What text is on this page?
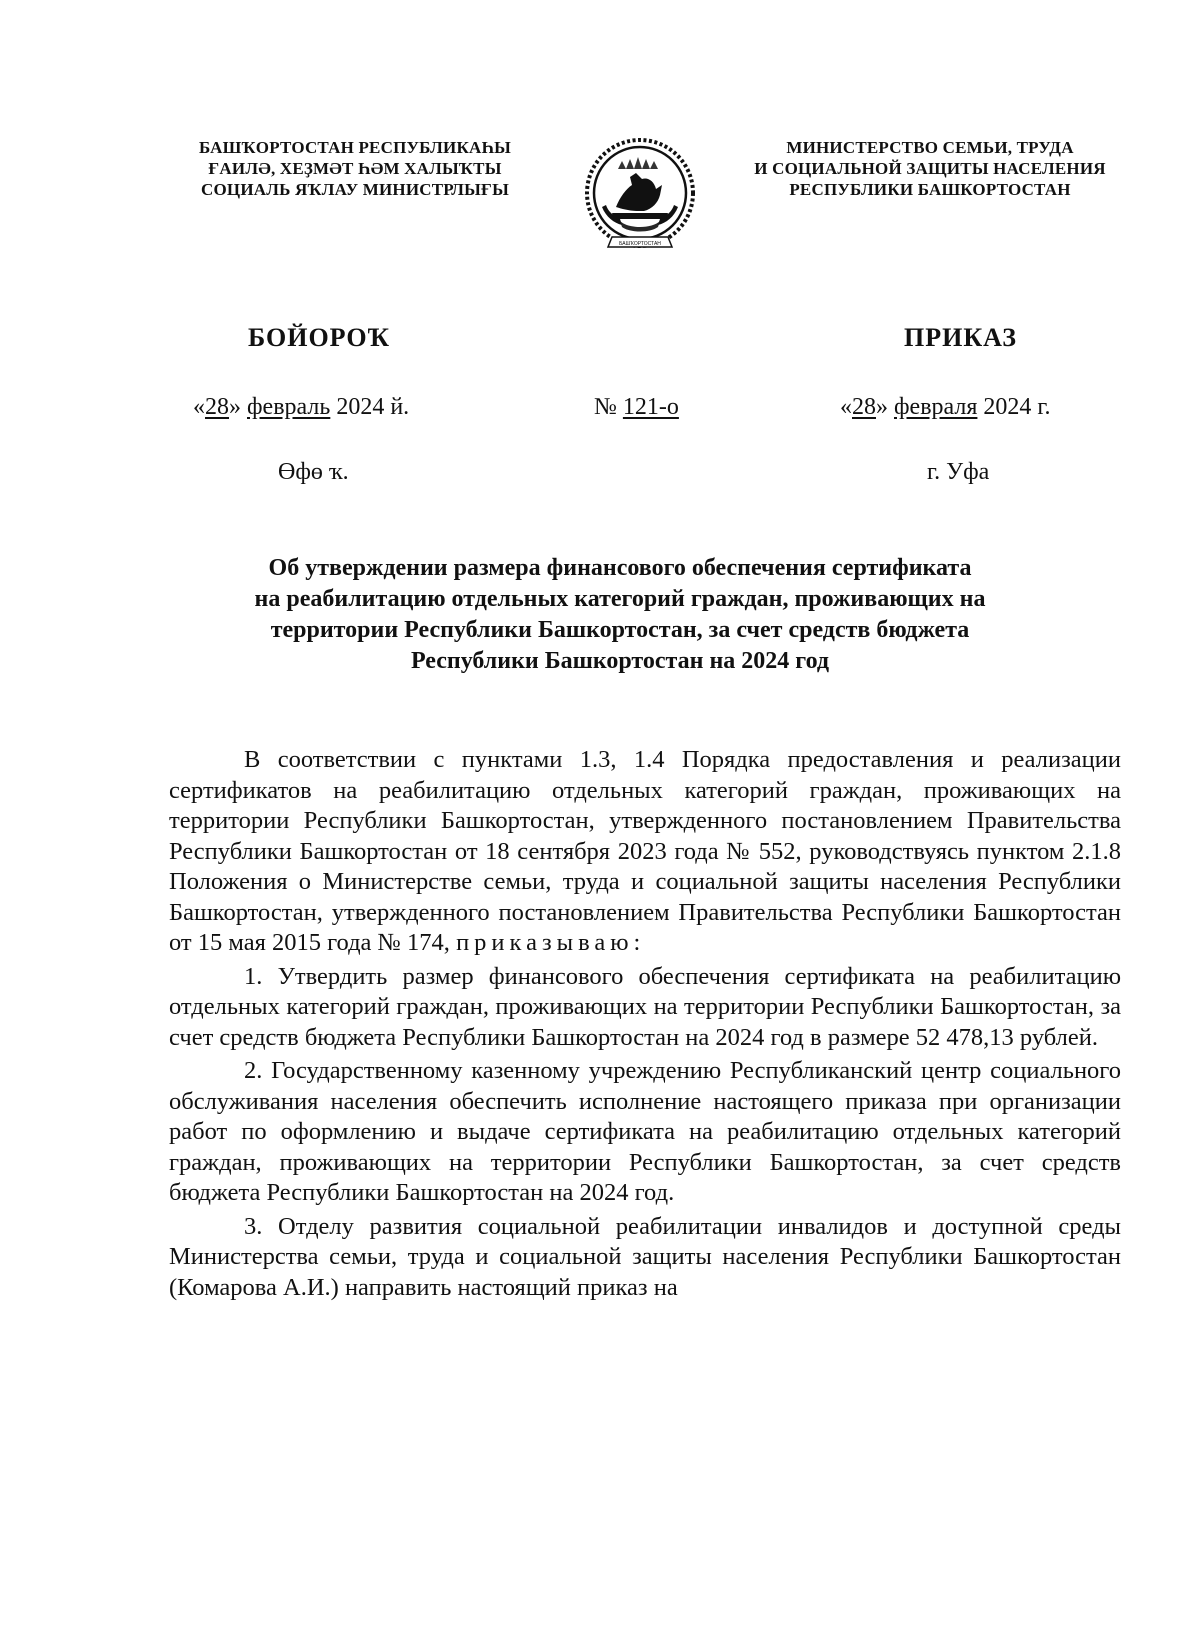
БАШҠОРТОСТАН РЕСПУБЛИКАҺЫ
ҒАИЛӘ, ХЕҘМӘТ ҺӘМ ХАЛЫҠТЫ
СОЦИАЛЬ ЯҠЛАУ МИНИСТРЛЫҒЫ
БАШҠОРТОСТАН
МИНИСТЕРСТВО СЕМЬИ, ТРУДА
И СОЦИАЛЬНОЙ ЗАЩИТЫ НАСЕЛЕНИЯ
РЕСПУБЛИКИ БАШКОРТОСТАН
БОЙОРОҠ	ПРИКАЗ
«28» февраль 2024 й.	№ 121-о	«28» февраля 2024 г.
Өфө ҡ.	г. Уфа
Об утверждении размера финансового обеспечения сертификата
на реабилитацию отдельных категорий граждан, проживающих на
территории Республики Башкортостан, за счет средств бюджета
Республики Башкортостан на 2024 год

В соответствии с пунктами 1.3, 1.4 Порядка предоставления и реализации сертификатов на реабилитацию отдельных категорий граждан, проживающих на территории Республики Башкортостан, утвержденного постановлением Правительства Республики Башкортостан от 18 сентября 2023 года № 552, руководствуясь пунктом 2.1.8 Положения о Министерстве семьи, труда и социальной защиты населения Республики Башкортостан, утвержденного постановлением Правительства Республики Башкортостан от 15 мая 2015 года № 174, приказываю:

1. Утвердить размер финансового обеспечения сертификата на реабилитацию отдельных категорий граждан, проживающих на территории Республики Башкортостан, за счет средств бюджета Республики Башкортостан на 2024 год в размере 52 478,13 рублей.

2. Государственному казенному учреждению Республиканский центр социального обслуживания населения обеспечить исполнение настоящего приказа при организации работ по оформлению и выдаче сертификата на реабилитацию отдельных категорий граждан, проживающих на территории Республики Башкортостан, за счет средств бюджета Республики Башкортостан на 2024 год.

3. Отделу развития социальной реабилитации инвалидов и доступной среды Министерства семьи, труда и социальной защиты населения Республики Башкортостан (Комарова А.И.) направить настоящий приказ на
